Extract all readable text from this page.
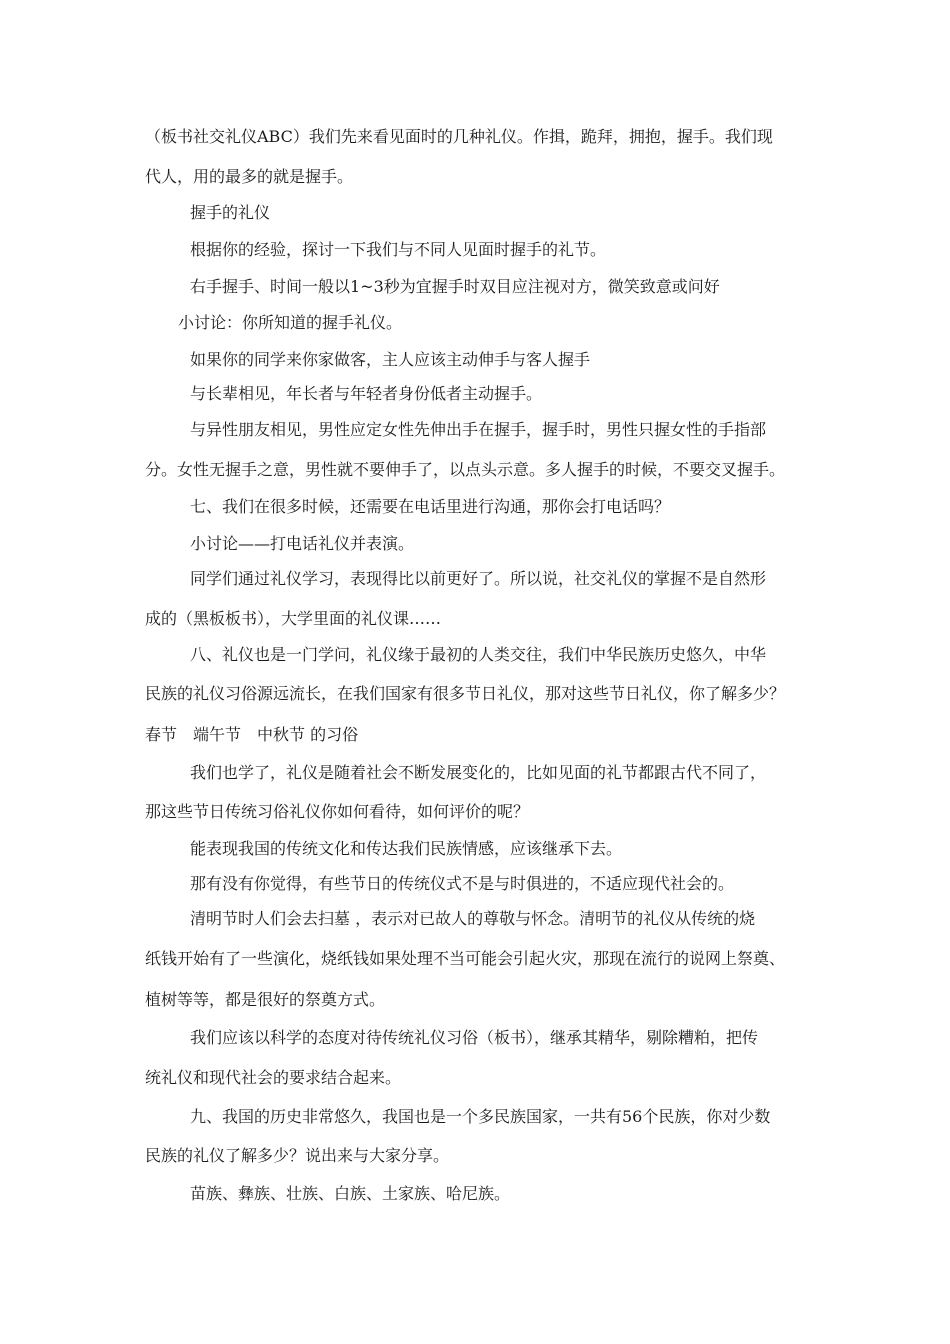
（板书社交礼仪ABC）我们先来看见面时的几种礼仪。作揖，跪拜，拥抱，握手。我们现
代人，用的最多的就是握手。
握手的礼仪
根据你的经验，探讨一下我们与不同人见面时握手的礼节。
右手握手、时间一般以1~3秒为宜握手时双目应注视对方，微笑致意或问好
小讨论：你所知道的握手礼仪。
如果你的同学来你家做客，主人应该主动伸手与客人握手
与长辈相见，年长者与年轻者身份低者主动握手。
与异性朋友相见，男性应定女性先伸出手在握手，握手时，男性只握女性的手指部
分。女性无握手之意，男性就不要伸手了，以点头示意。多人握手的时候，不要交叉握手。
七、我们在很多时候，还需要在电话里进行沟通，那你会打电话吗？
小讨论——打电话礼仪并表演。
同学们通过礼仪学习，表现得比以前更好了。所以说，社交礼仪的掌握不是自然形
成的（黑板板书），大学里面的礼仪课……
八、礼仪也是一门学问，礼仪缘于最初的人类交往，我们中华民族历史悠久，中华
民族的礼仪习俗源远流长，在我们国家有很多节日礼仪，那对这些节日礼仪，你了解多少？
春节　端午节　中秋节 的习俗
我们也学了，礼仪是随着社会不断发展变化的，比如见面的礼节都跟古代不同了，
那这些节日传统习俗礼仪你如何看待，如何评价的呢？
能表现我国的传统文化和传达我们民族情感，应该继承下去。
那有没有你觉得，有些节日的传统仪式不是与时俱进的，不适应现代社会的。
清明节时人们会去扫墓 ，表示对已故人的尊敬与怀念。清明节的礼仪从传统的烧
纸钱开始有了一些演化，烧纸钱如果处理不当可能会引起火灾，那现在流行的说网上祭奠、
植树等等，都是很好的祭奠方式。
我们应该以科学的态度对待传统礼仪习俗（板书），继承其精华，剔除糟粕，把传
统礼仪和现代社会的要求结合起来。
九、我国的历史非常悠久，我国也是一个多民族国家，一共有56个民族，你对少数
民族的礼仪了解多少？说出来与大家分享。
苗族、彝族、壮族、白族、土家族、哈尼族。
